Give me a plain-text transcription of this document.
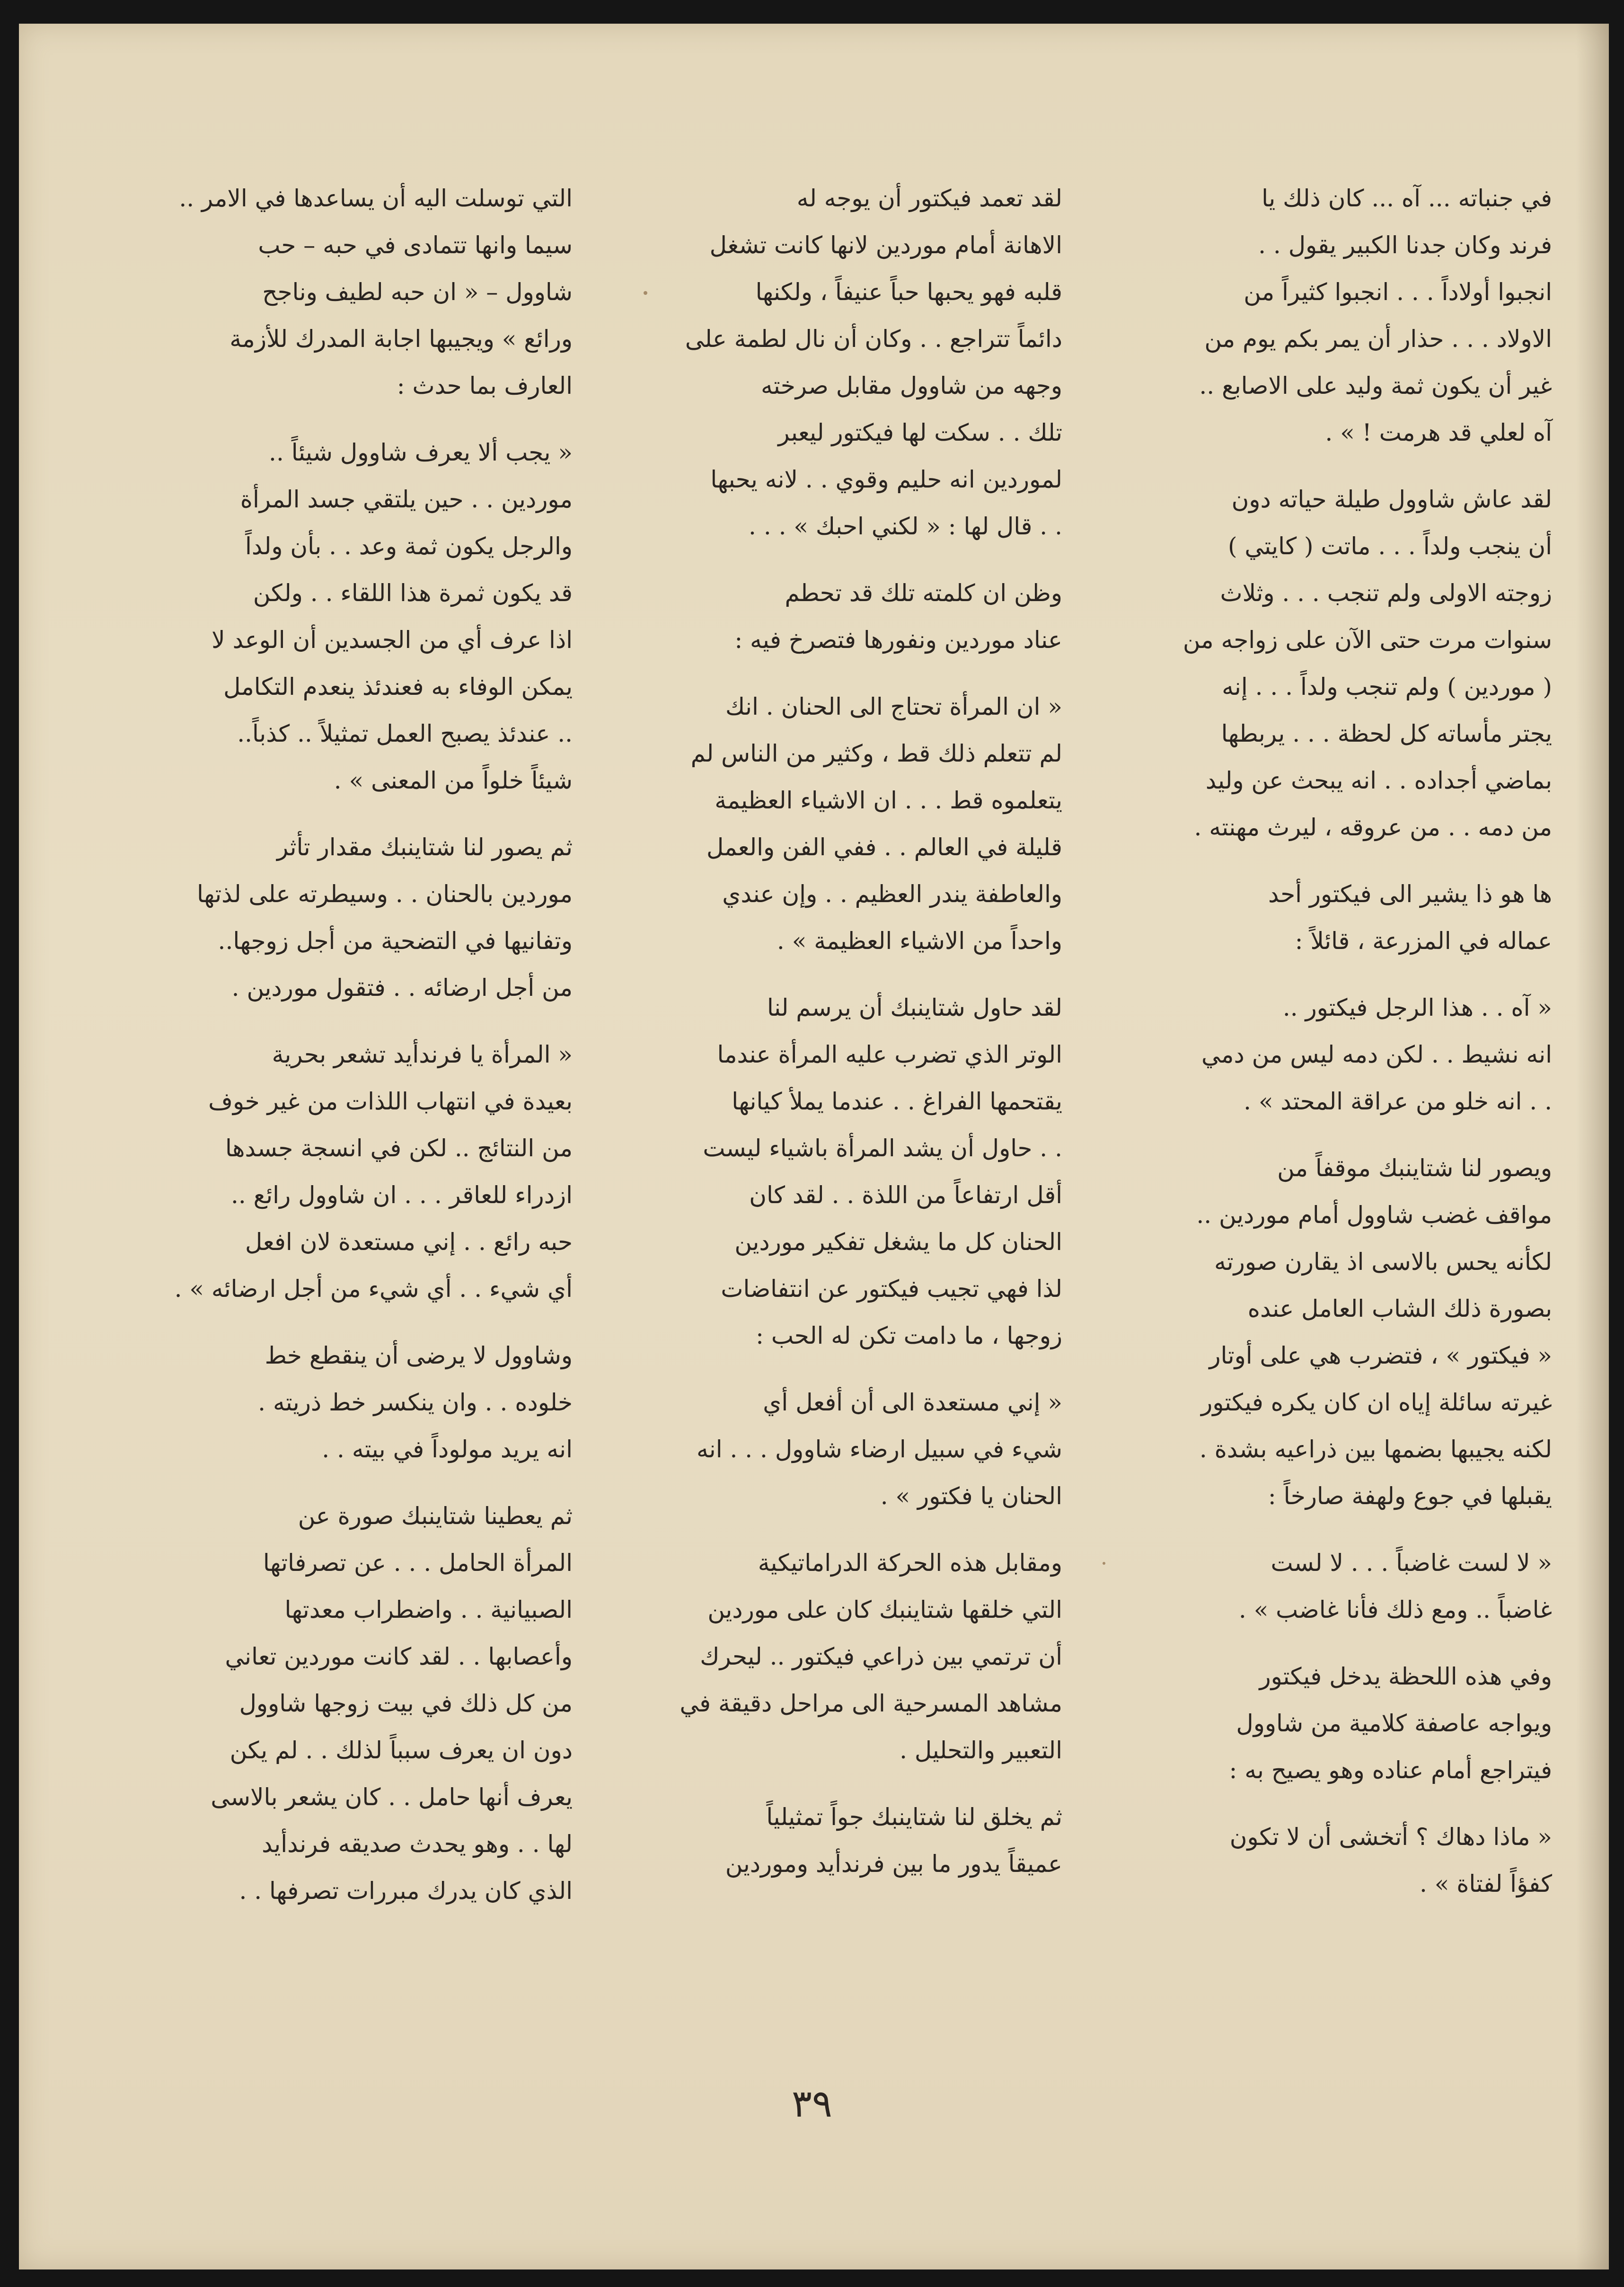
في جنباته ... آه ... كان ذلك يا
فرند وكان جدنا الكبير يقول . .
انجبوا أولاداً . . . انجبوا كثيراً من
الاولاد . . . حذار أن يمر بكم يوم من
غير أن يكون ثمة وليد على الاصابع ..
آه لعلي قد هرمت ! » .

لقد عاش شاوول طيلة حياته دون
أن ينجب ولداً . . . ماتت ( كايتي )
زوجته الاولى ولم تنجب . . . وثلاث
سنوات مرت حتى الآن على زواجه من
( موردين ) ولم تنجب ولداً . . . إنه
يجتر مأساته كل لحظة . . . يربطها
بماضي أجداده . . انه يبحث عن وليد
من دمه . . من عروقه ، ليرث مهنته .

ها هو ذا يشير الى فيكتور أحد
عماله في المزرعة ، قائلاً :

« آه . . هذا الرجل فيكتور ..
انه نشيط . . لكن دمه ليس من دمي
. . انه خلو من عراقة المحتد » .

ويصور لنا شتاينبك موقفاً من
مواقف غضب شاوول أمام موردين ..
لكأنه يحس بالاسى اذ يقارن صورته
بصورة ذلك الشاب العامل عنده
« فيكتور » ، فتضرب هي على أوتار
غيرته سائلة إياه ان كان يكره فيكتور
لكنه يجيبها بضمها بين ذراعيه بشدة .
يقبلها في جوع ولهفة صارخاً :

« لا لست غاضباً . . . لا لست
غاضباً .. ومع ذلك فأنا غاضب » .

وفي هذه اللحظة يدخل فيكتور
ويواجه عاصفة كلامية من شاوول
فيتراجع أمام عناده وهو يصيح به :

« ماذا دهاك ؟ أتخشى أن لا تكون
كفؤاً لفتاة » .

لقد تعمد فيكتور أن يوجه له
الاهانة أمام موردين لانها كانت تشغل
قلبه فهو يحبها حباً عنيفاً ، ولكنها
دائماً تتراجع . . وكان أن نال لطمة على
وجهه من شاوول مقابل صرخته
تلك . . سكت لها فيكتور ليعبر
لموردين انه حليم وقوي . . لانه يحبها
. . قال لها : « لكني احبك » . . .

وظن ان كلمته تلك قد تحطم
عناد موردين ونفورها فتصرخ فيه :

« ان المرأة تحتاج الى الحنان . انك
لم تتعلم ذلك قط ، وكثير من الناس لم
يتعلموه قط . . . ان الاشياء العظيمة
قليلة في العالم . . ففي الفن والعمل
والعاطفة يندر العظيم . . وإن عندي
واحداً من الاشياء العظيمة » .

لقد حاول شتاينبك أن يرسم لنا
الوتر الذي تضرب عليه المرأة عندما
يقتحمها الفراغ . . عندما يملأ كيانها
. . حاول أن يشد المرأة باشياء ليست
أقل ارتفاعاً من اللذة . . لقد كان
الحنان كل ما يشغل تفكير موردين
لذا فهي تجيب فيكتور عن انتفاضات
زوجها ، ما دامت تكن له الحب :

« إني مستعدة الى أن أفعل أي
شيء في سبيل ارضاء شاوول . . . انه
الحنان يا فكتور » .

ومقابل هذه الحركة الدراماتيكية
التي خلقها شتاينبك كان على موردين
أن ترتمي بين ذراعي فيكتور .. ليحرك
مشاهد المسرحية الى مراحل دقيقة في
التعبير والتحليل .

ثم يخلق لنا شتاينبك جواً تمثيلياً
عميقاً يدور ما بين فرندأيد وموردين

التي توسلت اليه أن يساعدها في الامر ..
سيما وانها تتمادى في حبه – حب
شاوول – « ان حبه لطيف وناجح
ورائع » ويجيبها اجابة المدرك للأزمة
العارف بما حدث :

« يجب ألا يعرف شاوول شيئاً ..
موردين . . حين يلتقي جسد المرأة
والرجل يكون ثمة وعد . . بأن ولداً
قد يكون ثمرة هذا اللقاء . . ولكن
اذا عرف أي من الجسدين أن الوعد لا
يمكن الوفاء به فعندئذ ينعدم التكامل
.. عندئذ يصبح العمل تمثيلاً .. كذباً..
شيئاً خلواً من المعنى » .

ثم يصور لنا شتاينبك مقدار تأثر
موردين بالحنان . . وسيطرته على لذتها
وتفانيها في التضحية من أجل زوجها..
من أجل ارضائه . . فتقول موردين .

« المرأة يا فرندأيد تشعر بحرية
بعيدة في انتهاب اللذات من غير خوف
من النتائج .. لكن في انسجة جسدها
ازدراء للعاقر . . . ان شاوول رائع ..
حبه رائع . . إني مستعدة لان افعل
أي شيء . . أي شيء من أجل ارضائه » .

وشاوول لا يرضى أن ينقطع خط
خلوده . . وان ينكسر خط ذريته .
انه يريد مولوداً في بيته . .

ثم يعطينا شتاينبك صورة عن
المرأة الحامل . . . عن تصرفاتها
الصبيانية . . واضطراب معدتها
وأعصابها . . لقد كانت موردين تعاني
من كل ذلك في بيت زوجها شاوول
دون ان يعرف سبباً لذلك . . لم يكن
يعرف أنها حامل . . كان يشعر بالاسى
لها . . وهو يحدث صديقه فرندأيد
الذي كان يدرك مبررات تصرفها . .

٣٩
